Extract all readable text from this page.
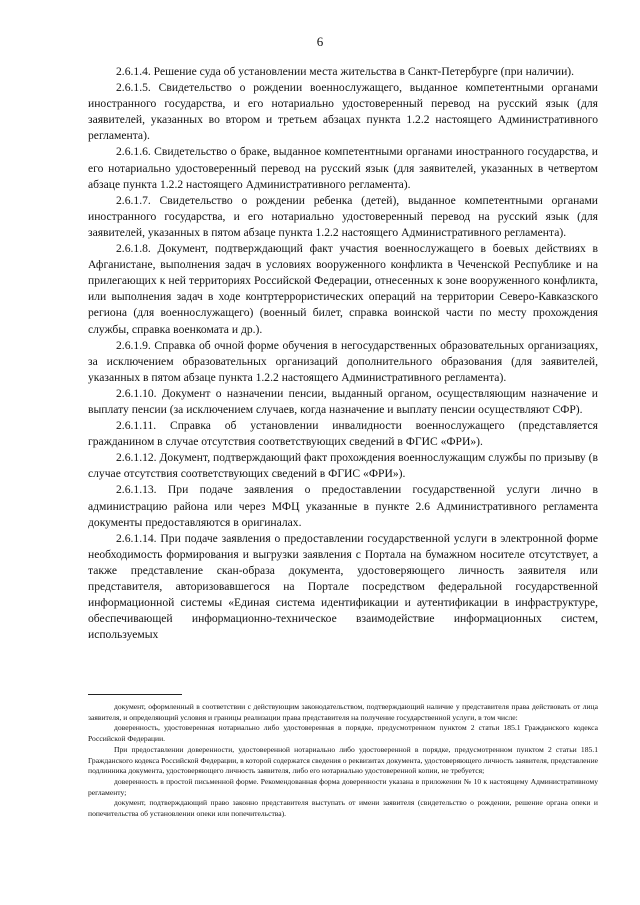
6

2.6.1.4. Решение суда об установлении места жительства в Санкт-Петербурге (при наличии).

2.6.1.5. Свидетельство о рождении военнослужащего, выданное компетентными органами иностранного государства, и его нотариально удостоверенный перевод на русский язык (для заявителей, указанных во втором и третьем абзацах пункта 1.2.2 настоящего Административного регламента).

2.6.1.6. Свидетельство о браке, выданное компетентными органами иностранного государства, и его нотариально удостоверенный перевод на русский язык (для заявителей, указанных в четвертом абзаце пункта 1.2.2 настоящего Административного регламента).

2.6.1.7. Свидетельство о рождении ребенка (детей), выданное компетентными органами иностранного государства, и его нотариально удостоверенный перевод на русский язык (для заявителей, указанных в пятом абзаце пункта 1.2.2 настоящего Административного регламента).

2.6.1.8. Документ, подтверждающий факт участия военнослужащего в боевых действиях в Афганистане, выполнения задач в условиях вооруженного конфликта в Чеченской Республике и на прилегающих к ней территориях Российской Федерации, отнесенных к зоне вооруженного конфликта, или выполнения задач в ходе контртеррористических операций на территории Северо-Кавказского региона (для военнослужащего) (военный билет, справка воинской части по месту прохождения службы, справка военкомата и др.).

2.6.1.9. Справка об очной форме обучения в негосударственных образовательных организациях, за исключением образовательных организаций дополнительного образования (для заявителей, указанных в пятом абзаце пункта 1.2.2 настоящего Административного регламента).

2.6.1.10. Документ о назначении пенсии, выданный органом, осуществляющим назначение и выплату пенсии (за исключением случаев, когда назначение и выплату пенсии осуществляют СФР).

2.6.1.11. Справка об установлении инвалидности военнослужащего (представляется гражданином в случае отсутствия соответствующих сведений в ФГИС «ФРИ»).

2.6.1.12. Документ, подтверждающий факт прохождения военнослужащим службы по призыву (в случае отсутствия соответствующих сведений в ФГИС «ФРИ»).

2.6.1.13. При подаче заявления о предоставлении государственной услуги лично в администрацию района или через МФЦ указанные в пункте 2.6 Административного регламента документы предоставляются в оригиналах.

2.6.1.14. При подаче заявления о предоставлении государственной услуги в электронной форме необходимость формирования и выгрузки заявления с Портала на бумажном носителе отсутствует, а также представление скан-образа документа, удостоверяющего личность заявителя или представителя, авторизовавшегося на Портале посредством федеральной государственной информационной системы «Единая система идентификации и аутентификации в инфраструктуре, обеспечивающей информационно-техническое взаимодействие информационных систем, используемых

документ, оформленный в соответствии с действующим законодательством, подтверждающий наличие у представителя права действовать от лица заявителя, и определяющий условия и границы реализации права представителя на получение государственной услуги, в том числе:

доверенность, удостоверенная нотариально либо удостоверенная в порядке, предусмотренном пунктом 2 статьи 185.1 Гражданского кодекса Российской Федерации.

При предоставлении доверенности, удостоверенной нотариально либо удостоверенной в порядке, предусмотренном пунктом 2 статьи 185.1 Гражданского кодекса Российской Федерации, в которой содержатся сведения о реквизитах документа, удостоверяющего личность заявителя, представление подлинника документа, удостоверяющего личность заявителя, либо его нотариально удостоверенной копии, не требуется;

доверенность в простой письменной форме. Рекомендованная форма доверенности указана в приложении № 10 к настоящему Административному регламенту;

документ, подтверждающий право законно представителя выступать от имени заявителя (свидетельство о рождении, решение органа опеки и попечительства об установлении опеки или попечительства).
